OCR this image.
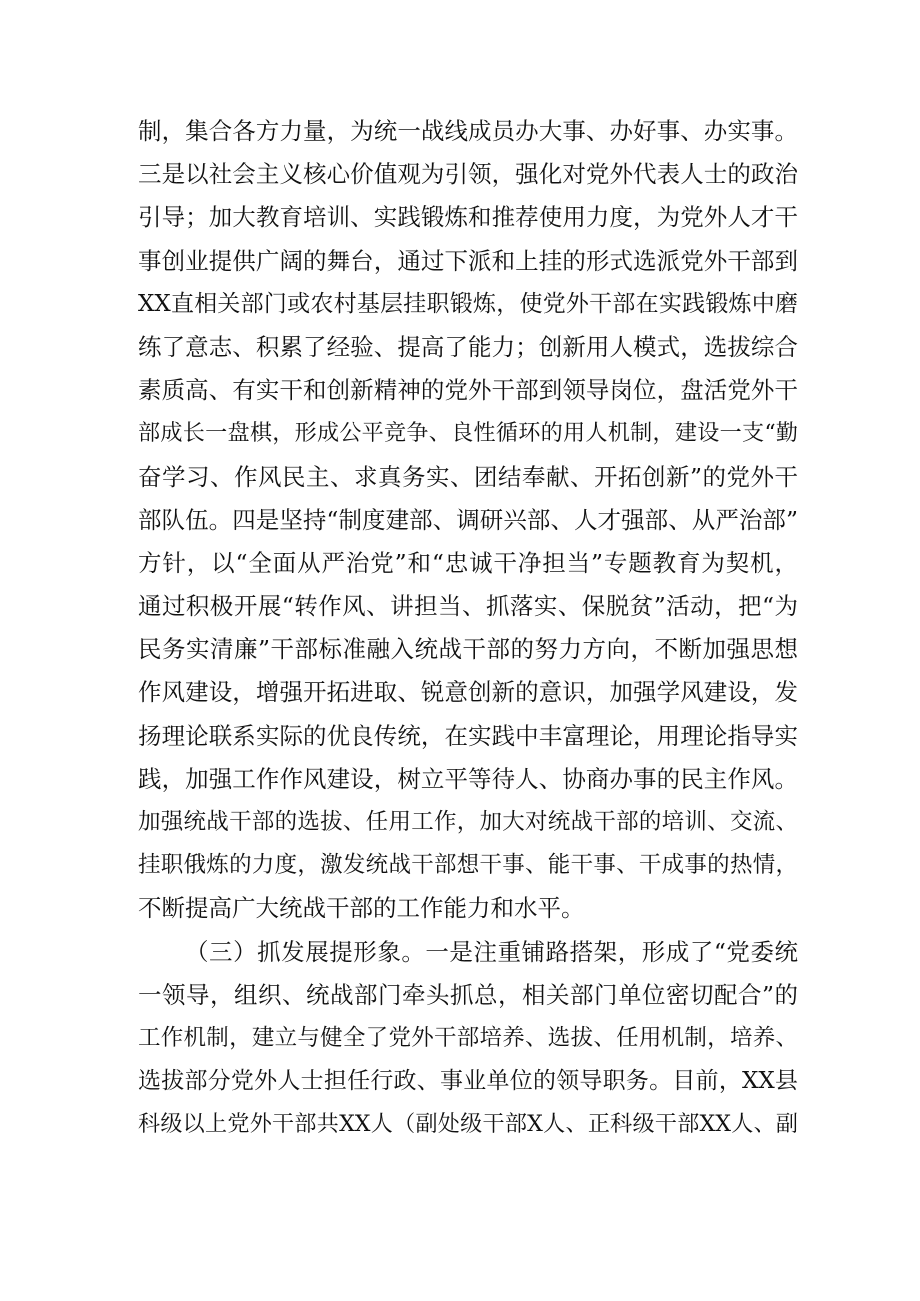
制，集合各方力量，为统一战线成员办大事、办好事、办实事。
三是以社会主义核心价值观为引领，强化对党外代表人士的政治
引导；加大教育培训、实践锻炼和推荐使用力度，为党外人才干
事创业提供广阔的舞台，通过下派和上挂的形式选派党外干部到
XX直相关部门或农村基层挂职锻炼，使党外干部在实践锻炼中磨
练了意志、积累了经验、提高了能力；创新用人模式，选拔综合
素质高、有实干和创新精神的党外干部到领导岗位，盘活党外干
部成长一盘棋，形成公平竞争、良性循环的用人机制，建设一支“勤
奋学习、作风民主、求真务实、团结奉献、开拓创新”的党外干
部队伍。四是坚持“制度建部、调研兴部、人才强部、从严治部”
方针，以“全面从严治党”和“忠诚干净担当”专题教育为契机，
通过积极开展“转作风、讲担当、抓落实、保脱贫”活动，把“为
民务实清廉”干部标准融入统战干部的努力方向，不断加强思想
作风建设，增强开拓进取、锐意创新的意识，加强学风建设，发
扬理论联系实际的优良传统，在实践中丰富理论，用理论指导实
践，加强工作作风建设，树立平等待人、协商办事的民主作风。
加强统战干部的选拔、任用工作，加大对统战干部的培训、交流、
挂职俄炼的力度，激发统战干部想干事、能干事、干成事的热情，
不断提高广大统战干部的工作能力和水平。
（三）抓发展提形象。一是注重铺路搭架，形成了“党委统
一领导，组织、统战部门牵头抓总，相关部门单位密切配合”的
工作机制，建立与健全了党外干部培养、选拔、任用机制，培养、
选拔部分党外人士担任行政、事业单位的领导职务。目前，XX县
科级以上党外干部共XX人（副处级干部X人、正科级干部XX人、副
